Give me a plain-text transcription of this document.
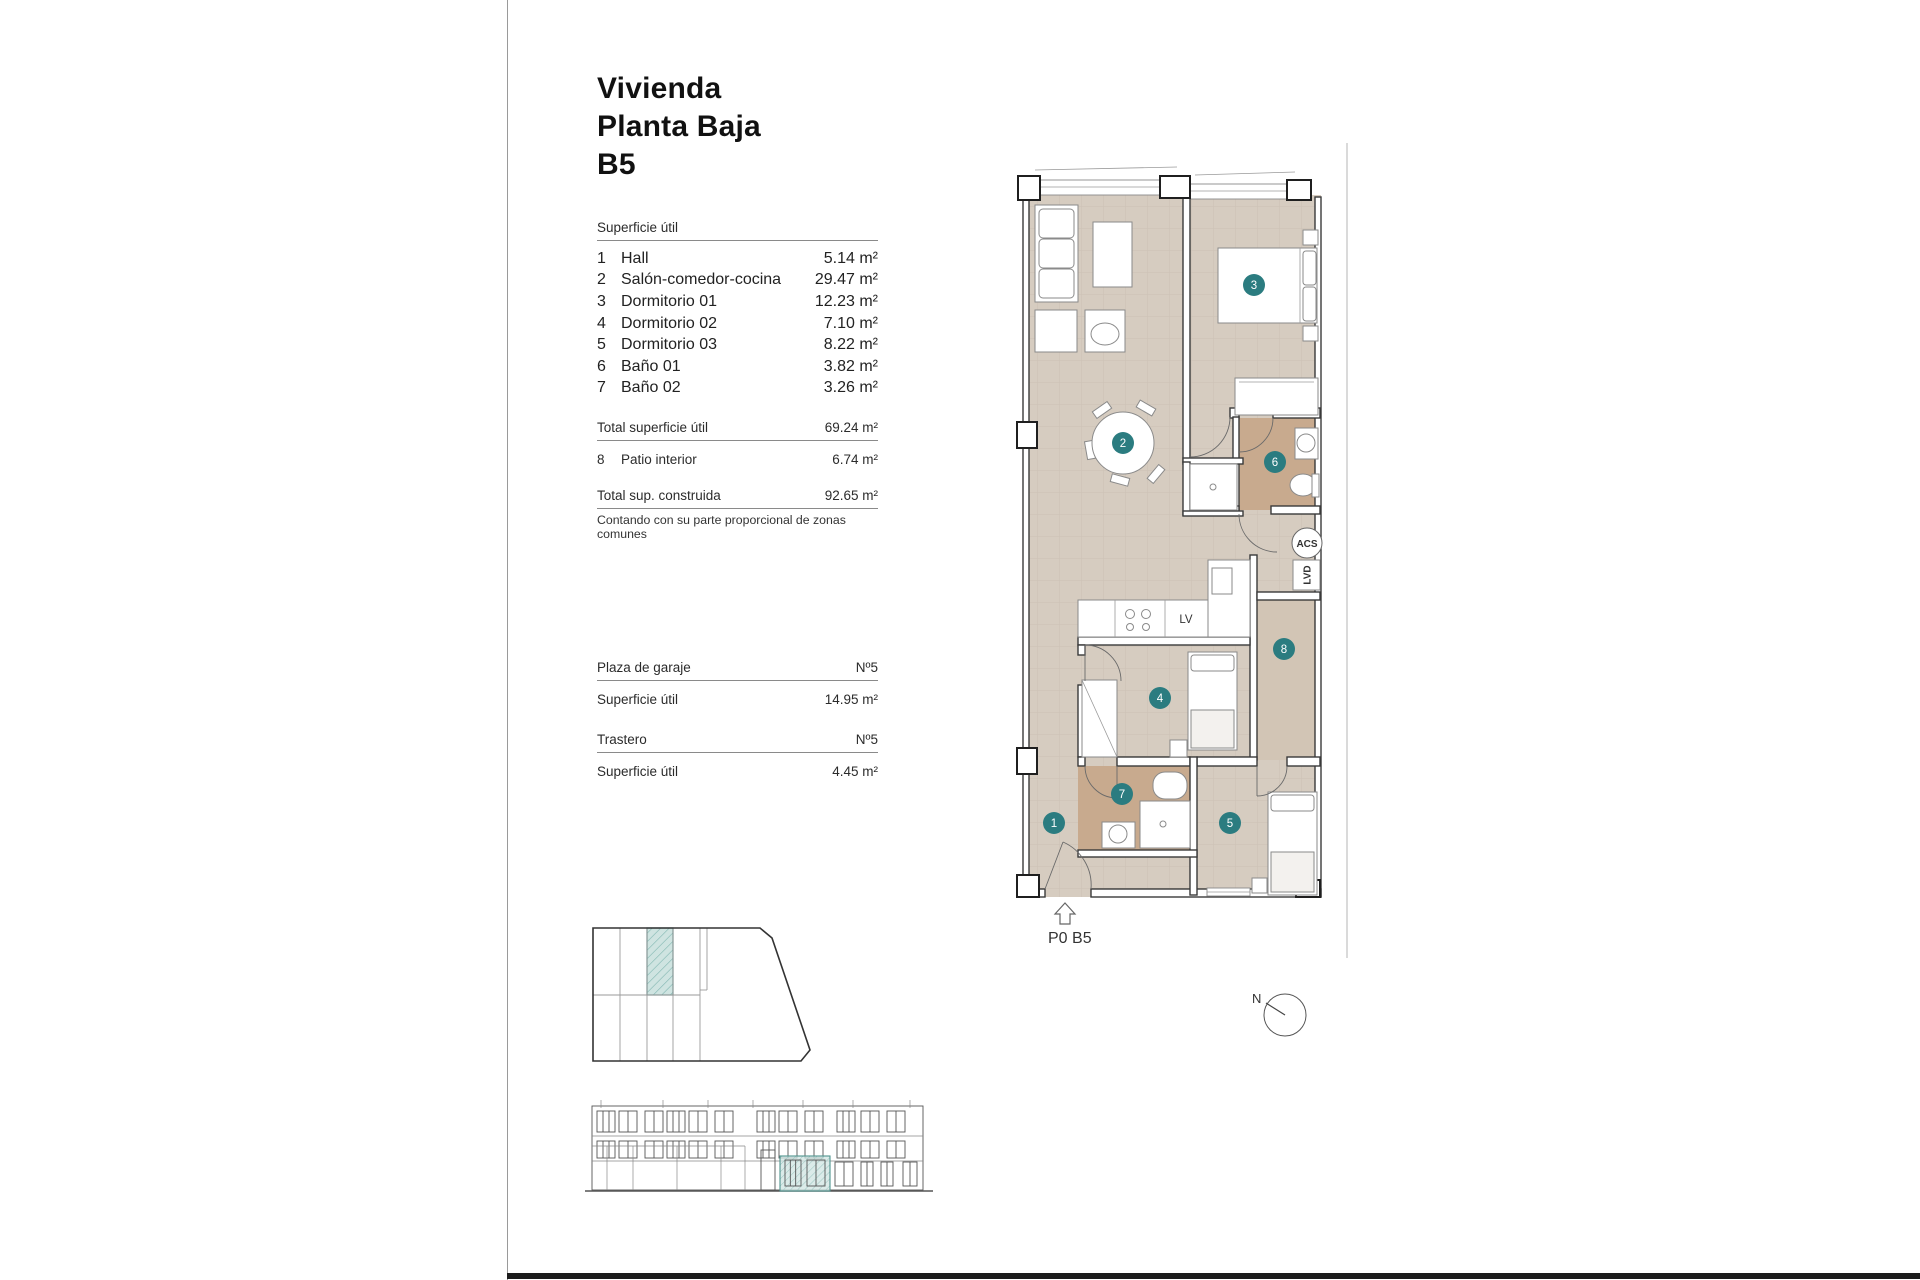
Vivienda
Planta Baja
B5
Superficie útil
1 Hall	5.14 m²
2 Salón-comedor-cocina	29.47 m²
3 Dormitorio 01	12.23 m²
4 Dormitorio 02	7.10 m²
5 Dormitorio 03	8.22 m²
6 Baño 01	3.82 m²
7 Baño 02	3.26 m²
Total superficie útil	69.24 m²
8	Patio interior	6.74 m²
Total sup. construida	92.65 m²
Contando con su parte proporcional de zonas comunes
Plaza de garaje	Nº5
Superficie útil	14.95 m²
Trastero	Nº5
Superficie útil	4.45 m²
ACS
LVD
LV
1
2
3
4
5
6
7
8
P0 B5
N
